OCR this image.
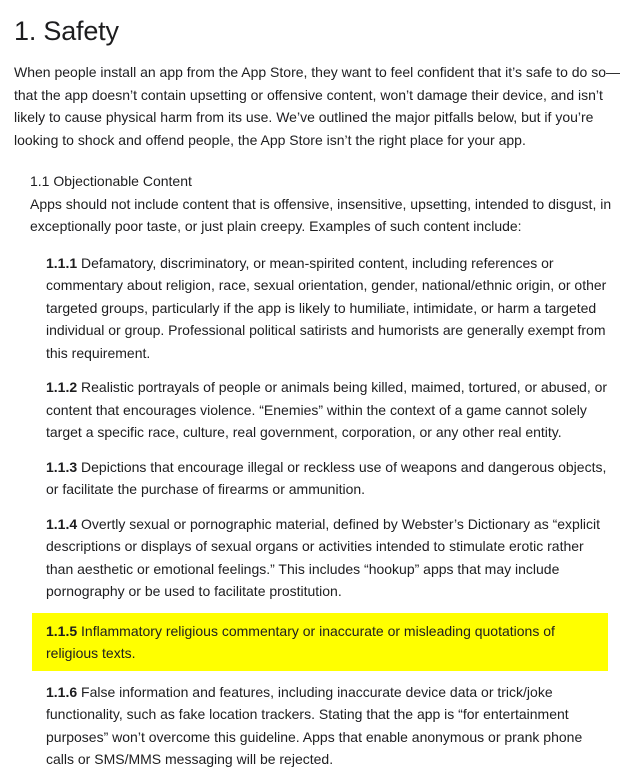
1. Safety

When people install an app from the App Store, they want to feel confident that it’s safe to do so—that the app doesn’t contain upsetting or offensive content, won’t damage their device, and isn’t likely to cause physical harm from its use. We’ve outlined the major pitfalls below, but if you’re looking to shock and offend people, the App Store isn’t the right place for your app.

1.1 Objectionable Content

Apps should not include content that is offensive, insensitive, upsetting, intended to disgust, in exceptionally poor taste, or just plain creepy. Examples of such content include:

1.1.1 Defamatory, discriminatory, or mean-spirited content, including references or commentary about religion, race, sexual orientation, gender, national/ethnic origin, or other targeted groups, particularly if the app is likely to humiliate, intimidate, or harm a targeted individual or group. Professional political satirists and humorists are generally exempt from this requirement.

1.1.2 Realistic portrayals of people or animals being killed, maimed, tortured, or abused, or content that encourages violence. “Enemies” within the context of a game cannot solely target a specific race, culture, real government, corporation, or any other real entity.

1.1.3 Depictions that encourage illegal or reckless use of weapons and dangerous objects, or facilitate the purchase of firearms or ammunition.

1.1.4 Overtly sexual or pornographic material, defined by Webster’s Dictionary as “explicit descriptions or displays of sexual organs or activities intended to stimulate erotic rather than aesthetic or emotional feelings.” This includes “hookup” apps that may include pornography or be used to facilitate prostitution.

1.1.5 Inflammatory religious commentary or inaccurate or misleading quotations of religious texts.

1.1.6 False information and features, including inaccurate device data or trick/joke functionality, such as fake location trackers. Stating that the app is “for entertainment purposes” won’t overcome this guideline. Apps that enable anonymous or prank phone calls or SMS/MMS messaging will be rejected.
